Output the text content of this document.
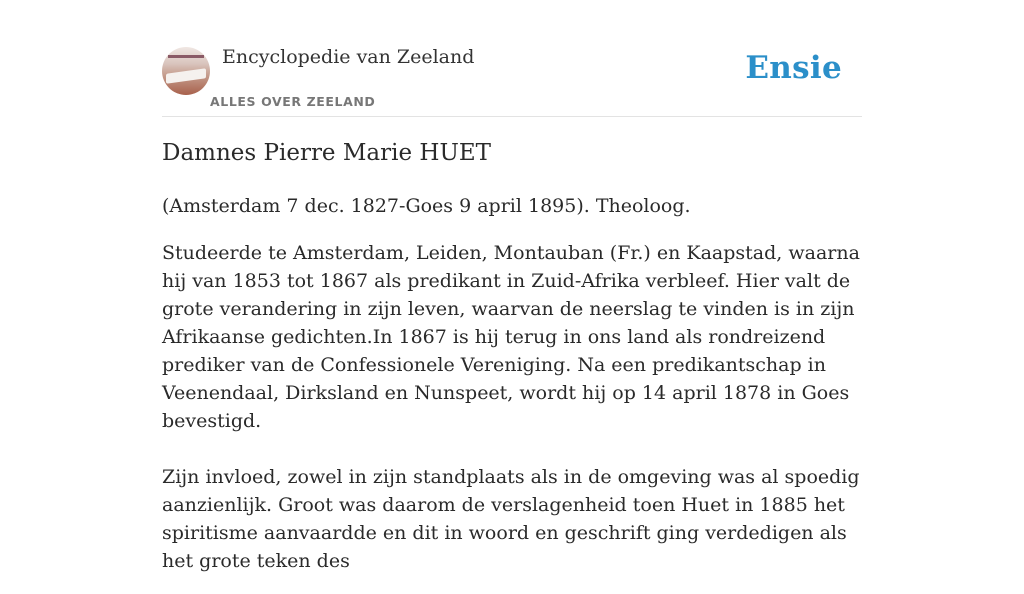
Encyclopedie van Zeeland
ALLES OVER ZEELAND
Ensie
Damnes Pierre Marie HUET

(Amsterdam 7 dec. 1827-Goes 9 april 1895). Theoloog.

Studeerde te Amsterdam, Leiden, Montauban (Fr.) en Kaapstad, waarna hij van 1853 tot 1867 als predikant in Zuid-Afrika verbleef. Hier valt de grote verandering in zijn leven, waarvan de neerslag te vinden is in zijn Afrikaanse gedichten.In 1867 is hij terug in ons land als rondreizend prediker van de Confessionele Vereniging. Na een predikantschap in Veenendaal, Dirksland en Nunspeet, wordt hij op 14 april 1878 in Goes bevestigd.

Zijn invloed, zowel in zijn standplaats als in de omgeving was al spoedig aanzienlijk. Groot was daarom de verslagenheid toen Huet in 1885 het spiritisme aanvaardde en dit in woord en geschrift ging verdedigen als het grote teken des
